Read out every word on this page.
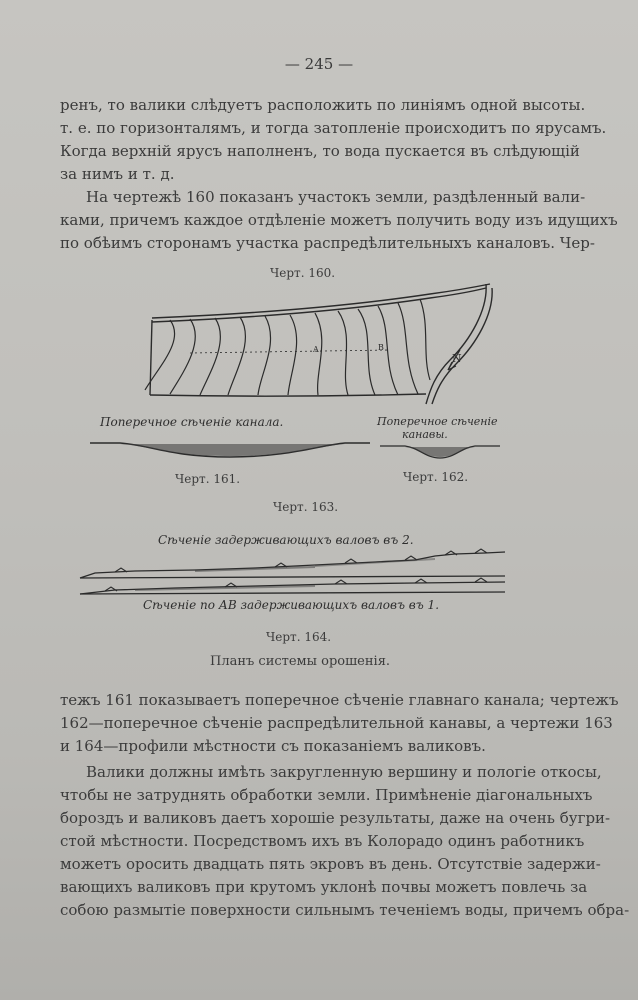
— 245 —
ренъ, то валики слѣдуетъ расположить по линіямъ одной высоты.
т. е. по горизонталямъ, и тогда затопленіе происходитъ по ярусамъ.
Когда верхній ярусъ наполненъ, то вода пускается въ слѣдующій
за нимъ и т. д.
На чертежѣ 160 показанъ участокъ земли, раздѣленный вали-
ками, причемъ каждое отдѣленіе можетъ получить воду изъ идущихъ
по обѣимъ сторонамъ участка распредѣлительныхъ каналовъ. Чер-
Черт. 160.
A	B
N
Поперечное сѣченіе канала.	Поперечное сѣченіе
канавы.
Черт. 161.	Черт. 162.
Черт. 163.
Сѣченіе задерживающихъ валовъ въ 2.
Сѣченіе по АВ задерживающихъ валовъ въ 1.
Черт. 164.
Планъ системы орошенія.
тежъ 161 показываетъ поперечное сѣченіе главнаго канала; чертежъ
162—поперечное сѣченіе распредѣлительной канавы, а чертежи 163
и 164—профили мѣстности съ показаніемъ валиковъ.
Валики должны имѣть закругленную вершину и пологіе откосы,
чтобы не затруднять обработки земли. Примѣненіе діагональныхъ
бороздъ и валиковъ даетъ хорошіе результаты, даже на очень бугри-
стой мѣстности. Посредствомъ ихъ въ Колорадо одинъ работникъ
можетъ оросить двадцать пять экровъ въ день. Отсутствіе задержи-
вающихъ валиковъ при крутомъ уклонѣ почвы можетъ повлечь за
собою размытіе поверхности сильнымъ теченіемъ воды, причемъ обра-
